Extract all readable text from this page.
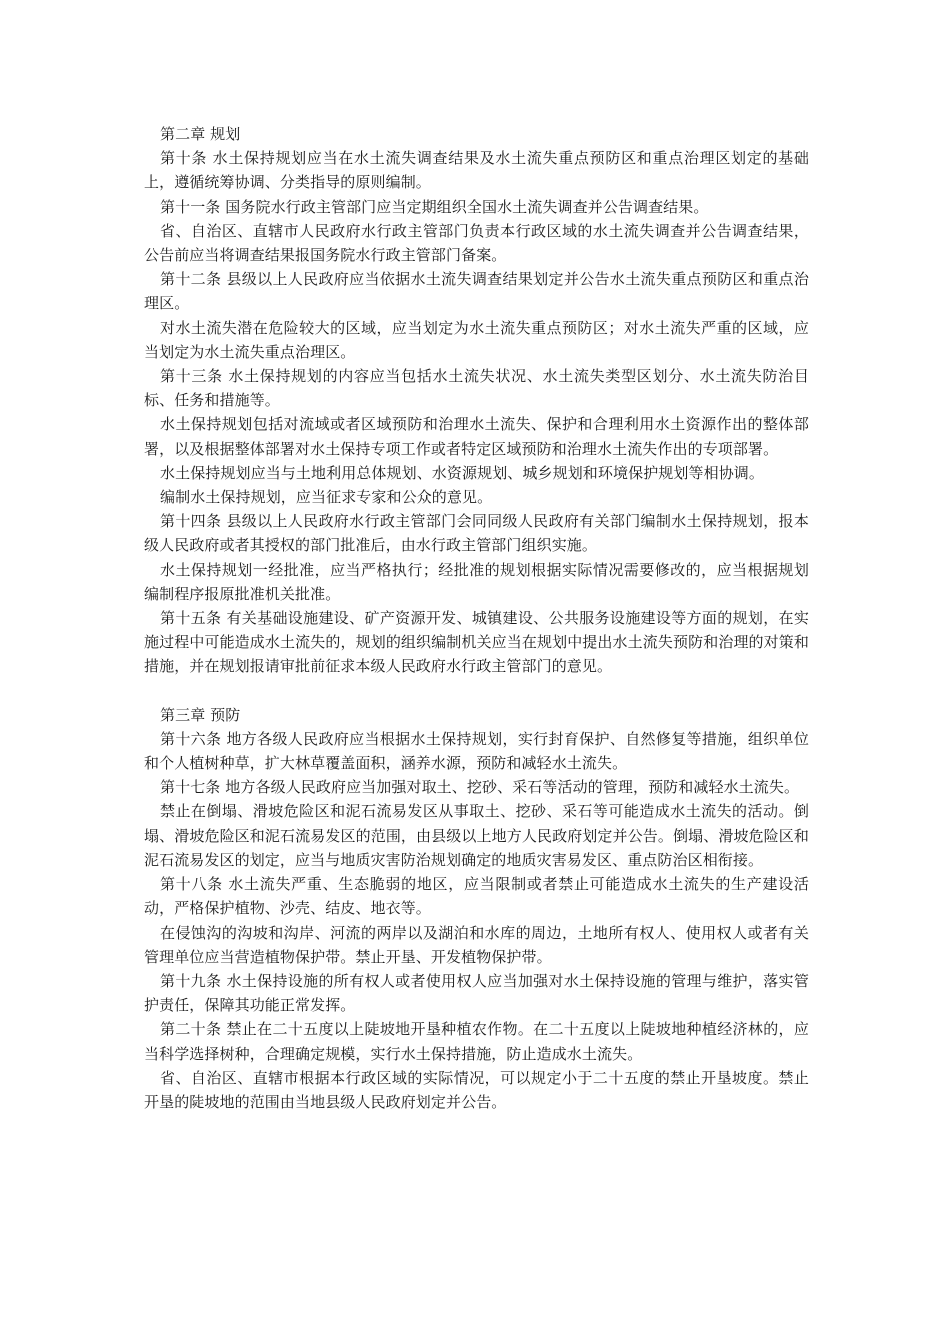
第二章 规划

第十条 水土保持规划应当在水土流失调查结果及水土流失重点预防区和重点治理区划定的基础上，遵循统筹协调、分类指导的原则编制。

第十一条 国务院水行政主管部门应当定期组织全国水土流失调查并公告调查结果。

省、自治区、直辖市人民政府水行政主管部门负责本行政区域的水土流失调查并公告调查结果，公告前应当将调查结果报国务院水行政主管部门备案。

第十二条 县级以上人民政府应当依据水土流失调查结果划定并公告水土流失重点预防区和重点治理区。

对水土流失潜在危险较大的区域，应当划定为水土流失重点预防区；对水土流失严重的区域，应当划定为水土流失重点治理区。

第十三条 水土保持规划的内容应当包括水土流失状况、水土流失类型区划分、水土流失防治目标、任务和措施等。

水土保持规划包括对流域或者区域预防和治理水土流失、保护和合理利用水土资源作出的整体部署，以及根据整体部署对水土保持专项工作或者特定区域预防和治理水土流失作出的专项部署。

水土保持规划应当与土地利用总体规划、水资源规划、城乡规划和环境保护规划等相协调。

编制水土保持规划，应当征求专家和公众的意见。

第十四条 县级以上人民政府水行政主管部门会同同级人民政府有关部门编制水土保持规划，报本级人民政府或者其授权的部门批准后，由水行政主管部门组织实施。

水土保持规划一经批准，应当严格执行；经批准的规划根据实际情况需要修改的，应当根据规划编制程序报原批准机关批准。

第十五条 有关基础设施建设、矿产资源开发、城镇建设、公共服务设施建设等方面的规划，在实施过程中可能造成水土流失的，规划的组织编制机关应当在规划中提出水土流失预防和治理的对策和措施，并在规划报请审批前征求本级人民政府水行政主管部门的意见。

第三章 预防

第十六条 地方各级人民政府应当根据水土保持规划，实行封育保护、自然修复等措施，组织单位和个人植树种草，扩大林草覆盖面积，涵养水源，预防和减轻水土流失。

第十七条 地方各级人民政府应当加强对取土、挖砂、采石等活动的管理，预防和减轻水土流失。

禁止在倒塌、滑坡危险区和泥石流易发区从事取土、挖砂、采石等可能造成水土流失的活动。倒塌、滑坡危险区和泥石流易发区的范围，由县级以上地方人民政府划定并公告。倒塌、滑坡危险区和泥石流易发区的划定，应当与地质灾害防治规划确定的地质灾害易发区、重点防治区相衔接。

第十八条 水土流失严重、生态脆弱的地区，应当限制或者禁止可能造成水土流失的生产建设活动，严格保护植物、沙壳、结皮、地衣等。

在侵蚀沟的沟坡和沟岸、河流的两岸以及湖泊和水库的周边，土地所有权人、使用权人或者有关管理单位应当营造植物保护带。禁止开垦、开发植物保护带。

第十九条 水土保持设施的所有权人或者使用权人应当加强对水土保持设施的管理与维护，落实管护责任，保障其功能正常发挥。

第二十条 禁止在二十五度以上陡坡地开垦种植农作物。在二十五度以上陡坡地种植经济林的，应当科学选择树种，合理确定规模，实行水土保持措施，防止造成水土流失。

省、自治区、直辖市根据本行政区域的实际情况，可以规定小于二十五度的禁止开垦坡度。禁止开垦的陡坡地的范围由当地县级人民政府划定并公告。
